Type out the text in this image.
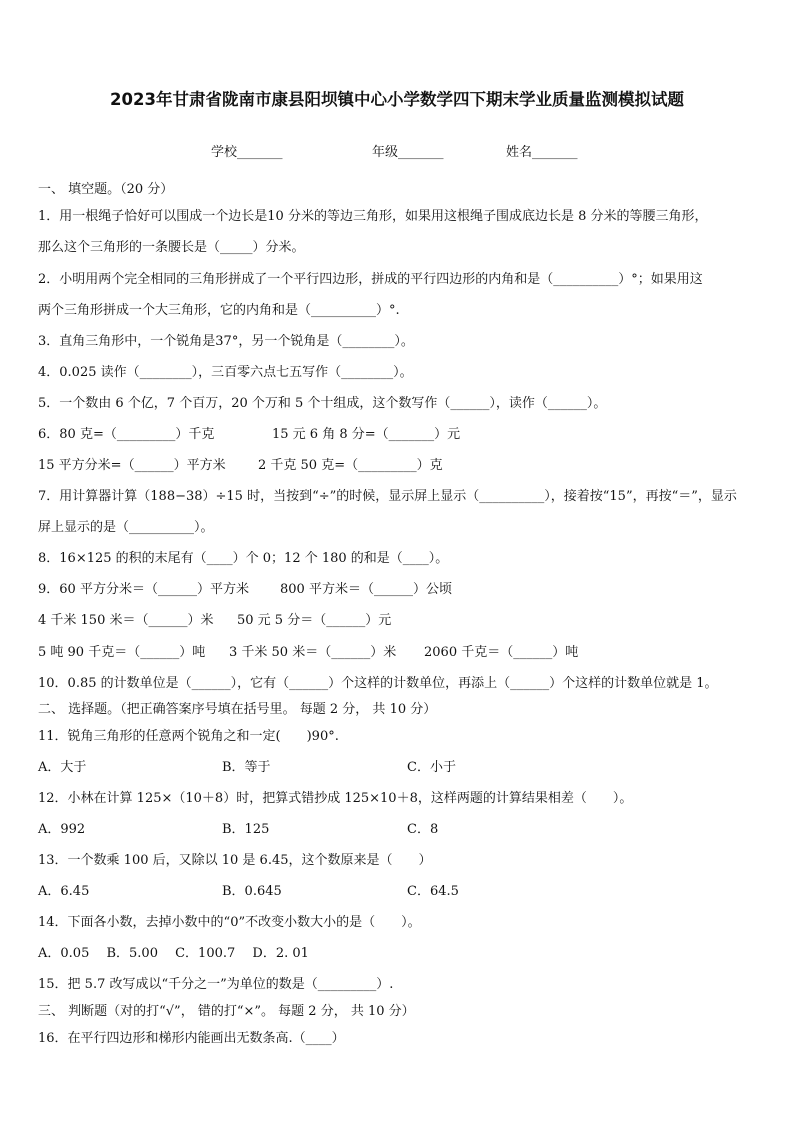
2023年甘肃省陇南市康县阳坝镇中心小学数学四下期末学业质量监测模拟试题
学校_______	年级_______	姓名_______
一、 填空题。（20 分）
1．用一根绳子恰好可以围成一个边长是10 分米的等边三角形，如果用这根绳子围成底边长是 8 分米的等腰三角形，
那么这个三角形的一条腰长是（_____）分米。
2．小明用两个完全相同的三角形拼成了一个平行四边形，拼成的平行四边形的内角和是（__________）°；如果用这
两个三角形拼成一个大三角形，它的内角和是（__________）°.
3．直角三角形中，一个锐角是37°，另一个锐角是（________）。
4．0.025 读作（________），三百零六点七五写作（________）。
5．一个数由 6 个亿，7 个百万，20 个万和 5 个十组成，这个数写作（______），读作（______）。
6．80 克=（_________）千克	15 元 6 角 8 分=（_______）元
15 平方分米=（______）平方米 2 千克 50 克=（_________）克
7．用计算器计算（188−38）÷15 时，当按到“÷”的时候，显示屏上显示（__________），接着按“15”，再按“＝”，显示
屏上显示的是（__________）。
8．16×125 的积的末尾有（____）个 0；12 个 180 的和是（____）。
9．60 平方分米＝（______）平方米 800 平方米＝（______）公顷
4 千米 150 米＝（______）米 50 元 5 分＝（______）元
5 吨 90 千克＝（______）吨 3 千米 50 米＝（______）米 2060 千克＝（______）吨
10．0.85 的计数单位是（______），它有（______）个这样的计数单位，再添上（______）个这样的计数单位就是 1。
二、 选择题。（把正确答案序号填在括号里。 每题 2 分， 共 10 分）
11．锐角三角形的任意两个锐角之和一定(　　)90°.
A．大于	B．等于	C．小于
12．小林在计算 125×（10＋8）时，把算式错抄成 125×10＋8，这样两题的计算结果相差（　　）。
A．992	B．125	C．8
13．一个数乘 100 后，又除以 10 是 6.45，这个数原来是（　　）
A．6.45	B．0.645	C．64.5
14．下面各小数，去掉小数中的“0”不改变小数大小的是（　　）。
A．0.05　 B．5.00　 C．100.7　 D．2. 01
15．把 5.7 改写成以“千分之一”为单位的数是（_________）.
三、 判断题（对的打“√”， 错的打“×”。 每题 2 分， 共 10 分）
16．在平行四边形和梯形内能画出无数条高.（____）
